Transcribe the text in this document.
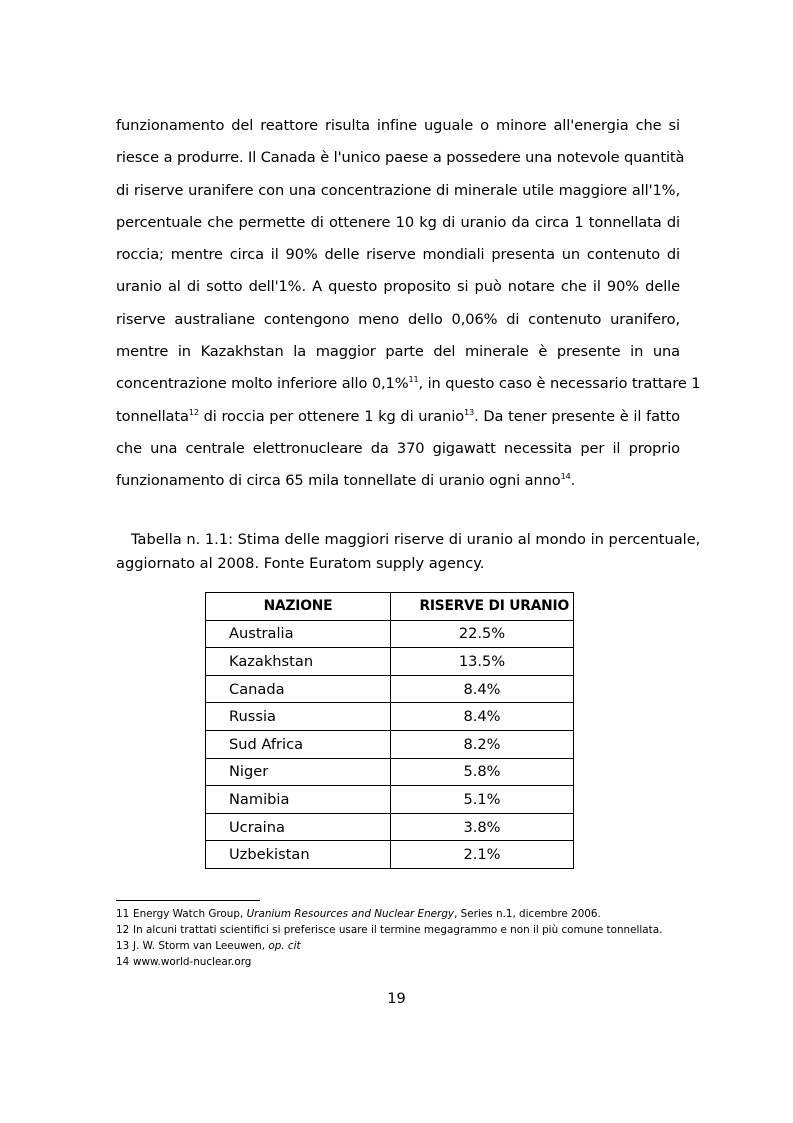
funzionamento del reattore risulta infine uguale o minore all'energia che si
riesce a produrre. Il Canada è l'unico paese a possedere una notevole quantità
di riserve uranifere con una concentrazione di minerale utile maggiore all'1%,
percentuale che permette di ottenere 10 kg di uranio da circa 1 tonnellata di
roccia; mentre circa il 90% delle riserve mondiali presenta un contenuto di
uranio al di sotto dell'1%. A questo proposito si può notare che il 90% delle
riserve australiane contengono meno dello 0,06% di contenuto uranifero,
mentre in Kazakhstan la maggior parte del minerale è presente in una
concentrazione molto inferiore allo 0,1%$^{11}$, in questo caso è necessario trattare 1
tonnellata$^{12}$ di roccia per ottenere 1 kg di uranio$^{13}$. Da tener presente è il fatto
che una centrale elettronucleare da 370 gigawatt necessita per il proprio
funzionamento di circa 65 mila tonnellate di uranio ogni anno$^{14}$.
Tabella n. 1.1: Stima delle maggiori riserve di uranio al mondo in percentuale,
aggiornato al 2008. Fonte Euratom supply agency.
NAZIONE	RISERVE DI URANIO
Australia	22.5%
Kazakhstan	13.5%
Canada	8.4%
Russia	8.4%
Sud Africa	8.2%
Niger	5.8%
Namibia	5.1%
Ucraina	3.8%
Uzbekistan	2.1%
11 Energy Watch Group, Uranium Resources and Nuclear Energy, Series n.1, dicembre 2006.
12 In alcuni trattati scientifici si preferisce usare il termine megagrammo e non il più comune tonnellata.
13 J. W. Storm van Leeuwen, op. cit
14 www.world-nuclear.org
19
